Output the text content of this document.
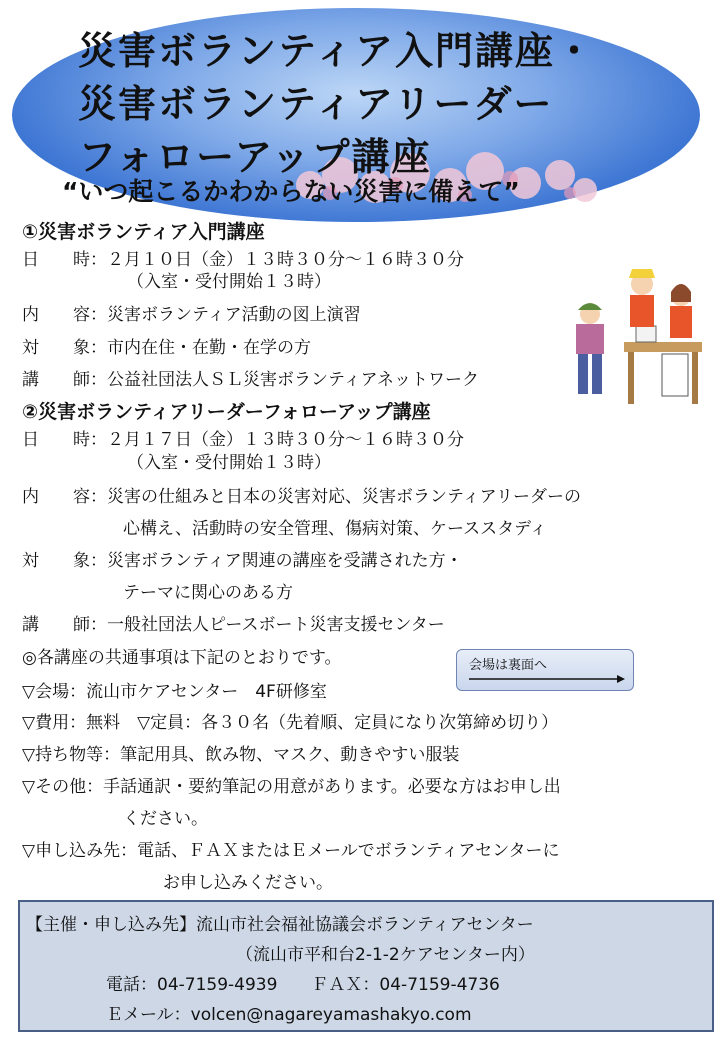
災害ボランティア入門講座・
災害ボランティアリーダー
フォローアップ講座
“いつ起こるかわからない災害に備えて”
①災害ボランティア入門講座
日　　時：２月１０日（金）１３時３０分～１６時３０分
（入室・受付開始１３時）
内　　容：災害ボランティア活動の図上演習
対　　象：市内在住・在勤・在学の方
講　　師：公益社団法人ＳＬ災害ボランティアネットワーク
②災害ボランティアリーダーフォローアップ講座
日　　時：２月１７日（金）１３時３０分～１６時３０分
（入室・受付開始１３時）
内　　容：災害の仕組みと日本の災害対応、災害ボランティアリーダーの
心構え、活動時の安全管理、傷病対策、ケーススタディ
対　　象：災害ボランティア関連の講座を受講された方・
テーマに関心のある方
講　　師：一般社団法人ピースボート災害支援センター
◎各講座の共通事項は下記のとおりです。	会場は裏面へ
▽会場：流山市ケアセンター　4F研修室
▽費用：無料　▽定員：各３０名（先着順、定員になり次第締め切り）
▽持ち物等：筆記用具、飲み物、マスク、動きやすい服装
▽その他：手話通訳・要約筆記の用意があります。必要な方はお申し出
ください。
▽申し込み先：電話、ＦＡＸまたはＥメールでボランティアセンターに
お申し込みください。
【主催・申し込み先】流山市社会福祉協議会ボランティアセンター
（流山市平和台2-1-2ケアセンター内）
電話：04-7159-4939　　ＦＡＸ：04-7159-4736
Ｅメール：volcen@nagareyamashakyo.com
